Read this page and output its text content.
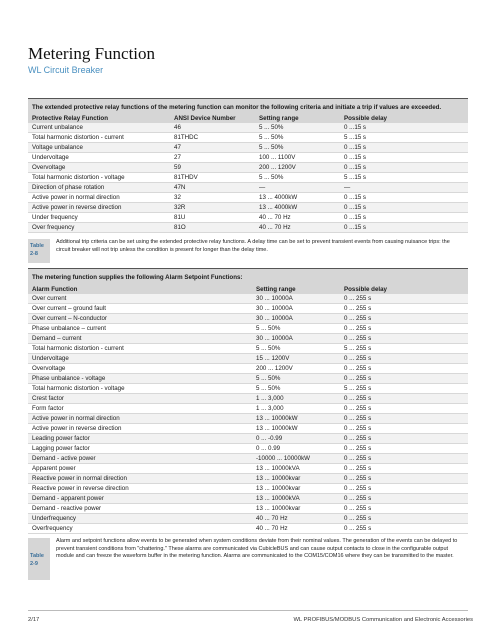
Metering Function
WL Circuit Breaker
The extended protective relay functions of the metering function can monitor the following criteria and initiate a trip if values are exceeded.
Protective Relay Function	ANSI Device Number	Setting range	Possible delay
Current unbalance	46	5 ... 50%	0 ...15 s
Total harmonic distortion - current	81THDC	5 ... 50%	5 ...15 s
Voltage unbalance	47	5 ... 50%	0 ...15 s
Undervoltage	27	100 ... 1100V	0 ...15 s
Overvoltage	59	200 ... 1200V	0 ...15 s
Total harmonic distortion - voltage	81THDV	5 ... 50%	5 ...15 s
Direction of phase rotation	47N	—	—
Active power in normal direction	32	13 ... 4000kW	0 ...15 s
Active power in reverse direction	32R	13 ... 4000kW	0 ...15 s
Under frequency	81U	40 ... 70 Hz	0 ...15 s
Over frequency	81O	40 ... 70 Hz	0 ...15 s
Table
2-8
Additional trip criteria can be set using the extended protective relay functions. A delay time can be set to prevent transient events from causing nuisance trips: the circuit breaker will not trip unless the condition is present for longer than the delay time.
The metering function supplies the following Alarm Setpoint Functions:
Alarm Function	Setting range	Possible delay
Over current	30 ... 10000A	0 ... 255 s
Over current – ground fault	30 ... 10000A	0 ... 255 s
Over current – N-conductor	30 ... 10000A	0 ... 255 s
Phase unbalance – current	5 ... 50%	0 ... 255 s
Demand – current	30 ... 10000A	0 ... 255 s
Total harmonic distortion - current	5 ... 50%	5 ... 255 s
Undervoltage	15 ... 1200V	0 ... 255 s
Overvoltage	200 ... 1200V	0 ... 255 s
Phase unbalance - voltage	5 ... 50%	0 ... 255 s
Total harmonic distortion - voltage	5 ... 50%	5 ... 255 s
Crest factor	1 ... 3,000	0 ... 255 s
Form factor	1 ... 3,000	0 ... 255 s
Active power in normal direction	13 ... 10000kW	0 ... 255 s
Active power in reverse direction	13 ... 10000kW	0 ... 255 s
Leading power factor	0 ... -0.99	0 ... 255 s
Lagging power factor	0 ... 0.99	0 ... 255 s
Demand - active power	-10000 ... 10000kW	0 ... 255 s
Apparent power	13 ... 10000kVA	0 ... 255 s
Reactive power in normal direction	13 ... 10000kvar	0 ... 255 s
Reactive power in reverse direction	13 ... 10000kvar	0 ... 255 s
Demand - apparent power	13 ... 10000kVA	0 ... 255 s
Demand - reactive power	13 ... 10000kvar	0 ... 255 s
Underfrequency	40 ... 70 Hz	0 ... 255 s
Overfrequency	40 ... 70 Hz	0 ... 255 s
Table
2-9
Alarm and setpoint functions allow events to be generated when system conditions deviate from their nominal values. The generation of the events can be delayed to prevent transient conditions from "chattering." These alarms are communicated via CubicleBUS and can cause output contacts to close in the configurable output module and can freeze the waveform buffer in the metering function. Alarms are communicated to the COM15/COM16 where they can be transmitted to the master.
2/17	WL PROFIBUS/MODBUS Communication and Electronic Accessories
